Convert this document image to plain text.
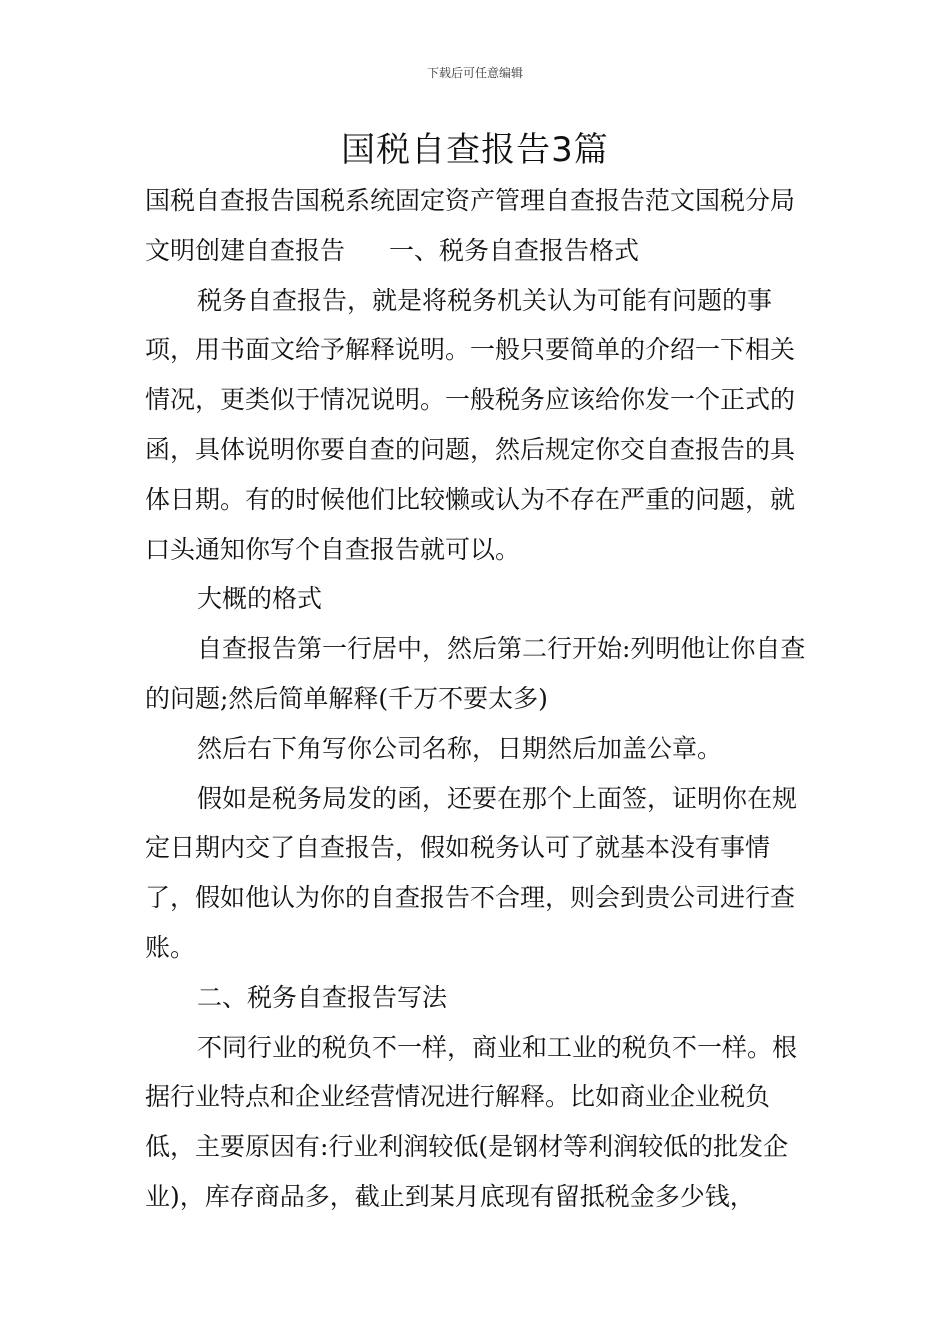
下载后可任意编辑
国税自查报告3篇

国税自查报告国税系统固定资产管理自查报告范文国税分局文明创建自查报告 一、税务自查报告格式

税务自查报告，就是将税务机关认为可能有问题的事项，用书面文给予解释说明。一般只要简单的介绍一下相关情况，更类似于情况说明。一般税务应该给你发一个正式的函，具体说明你要自查的问题，然后规定你交自查报告的具体日期。有的时候他们比较懒或认为不存在严重的问题，就口头通知你写个自查报告就可以。

大概的格式

自查报告第一行居中，然后第二行开始:列明他让你自查的问题;然后简单解释(千万不要太多)

然后右下角写你公司名称，日期然后加盖公章。

假如是税务局发的函，还要在那个上面签，证明你在规定日期内交了自查报告，假如税务认可了就基本没有事情了，假如他认为你的自查报告不合理，则会到贵公司进行查账。

二、税务自查报告写法

不同行业的税负不一样，商业和工业的税负不一样。根据行业特点和企业经营情况进行解释。比如商业企业税负低，主要原因有:行业利润较低(是钢材等利润较低的批发企业)，库存商品多，截止到某月底现有留抵税金多少钱，
